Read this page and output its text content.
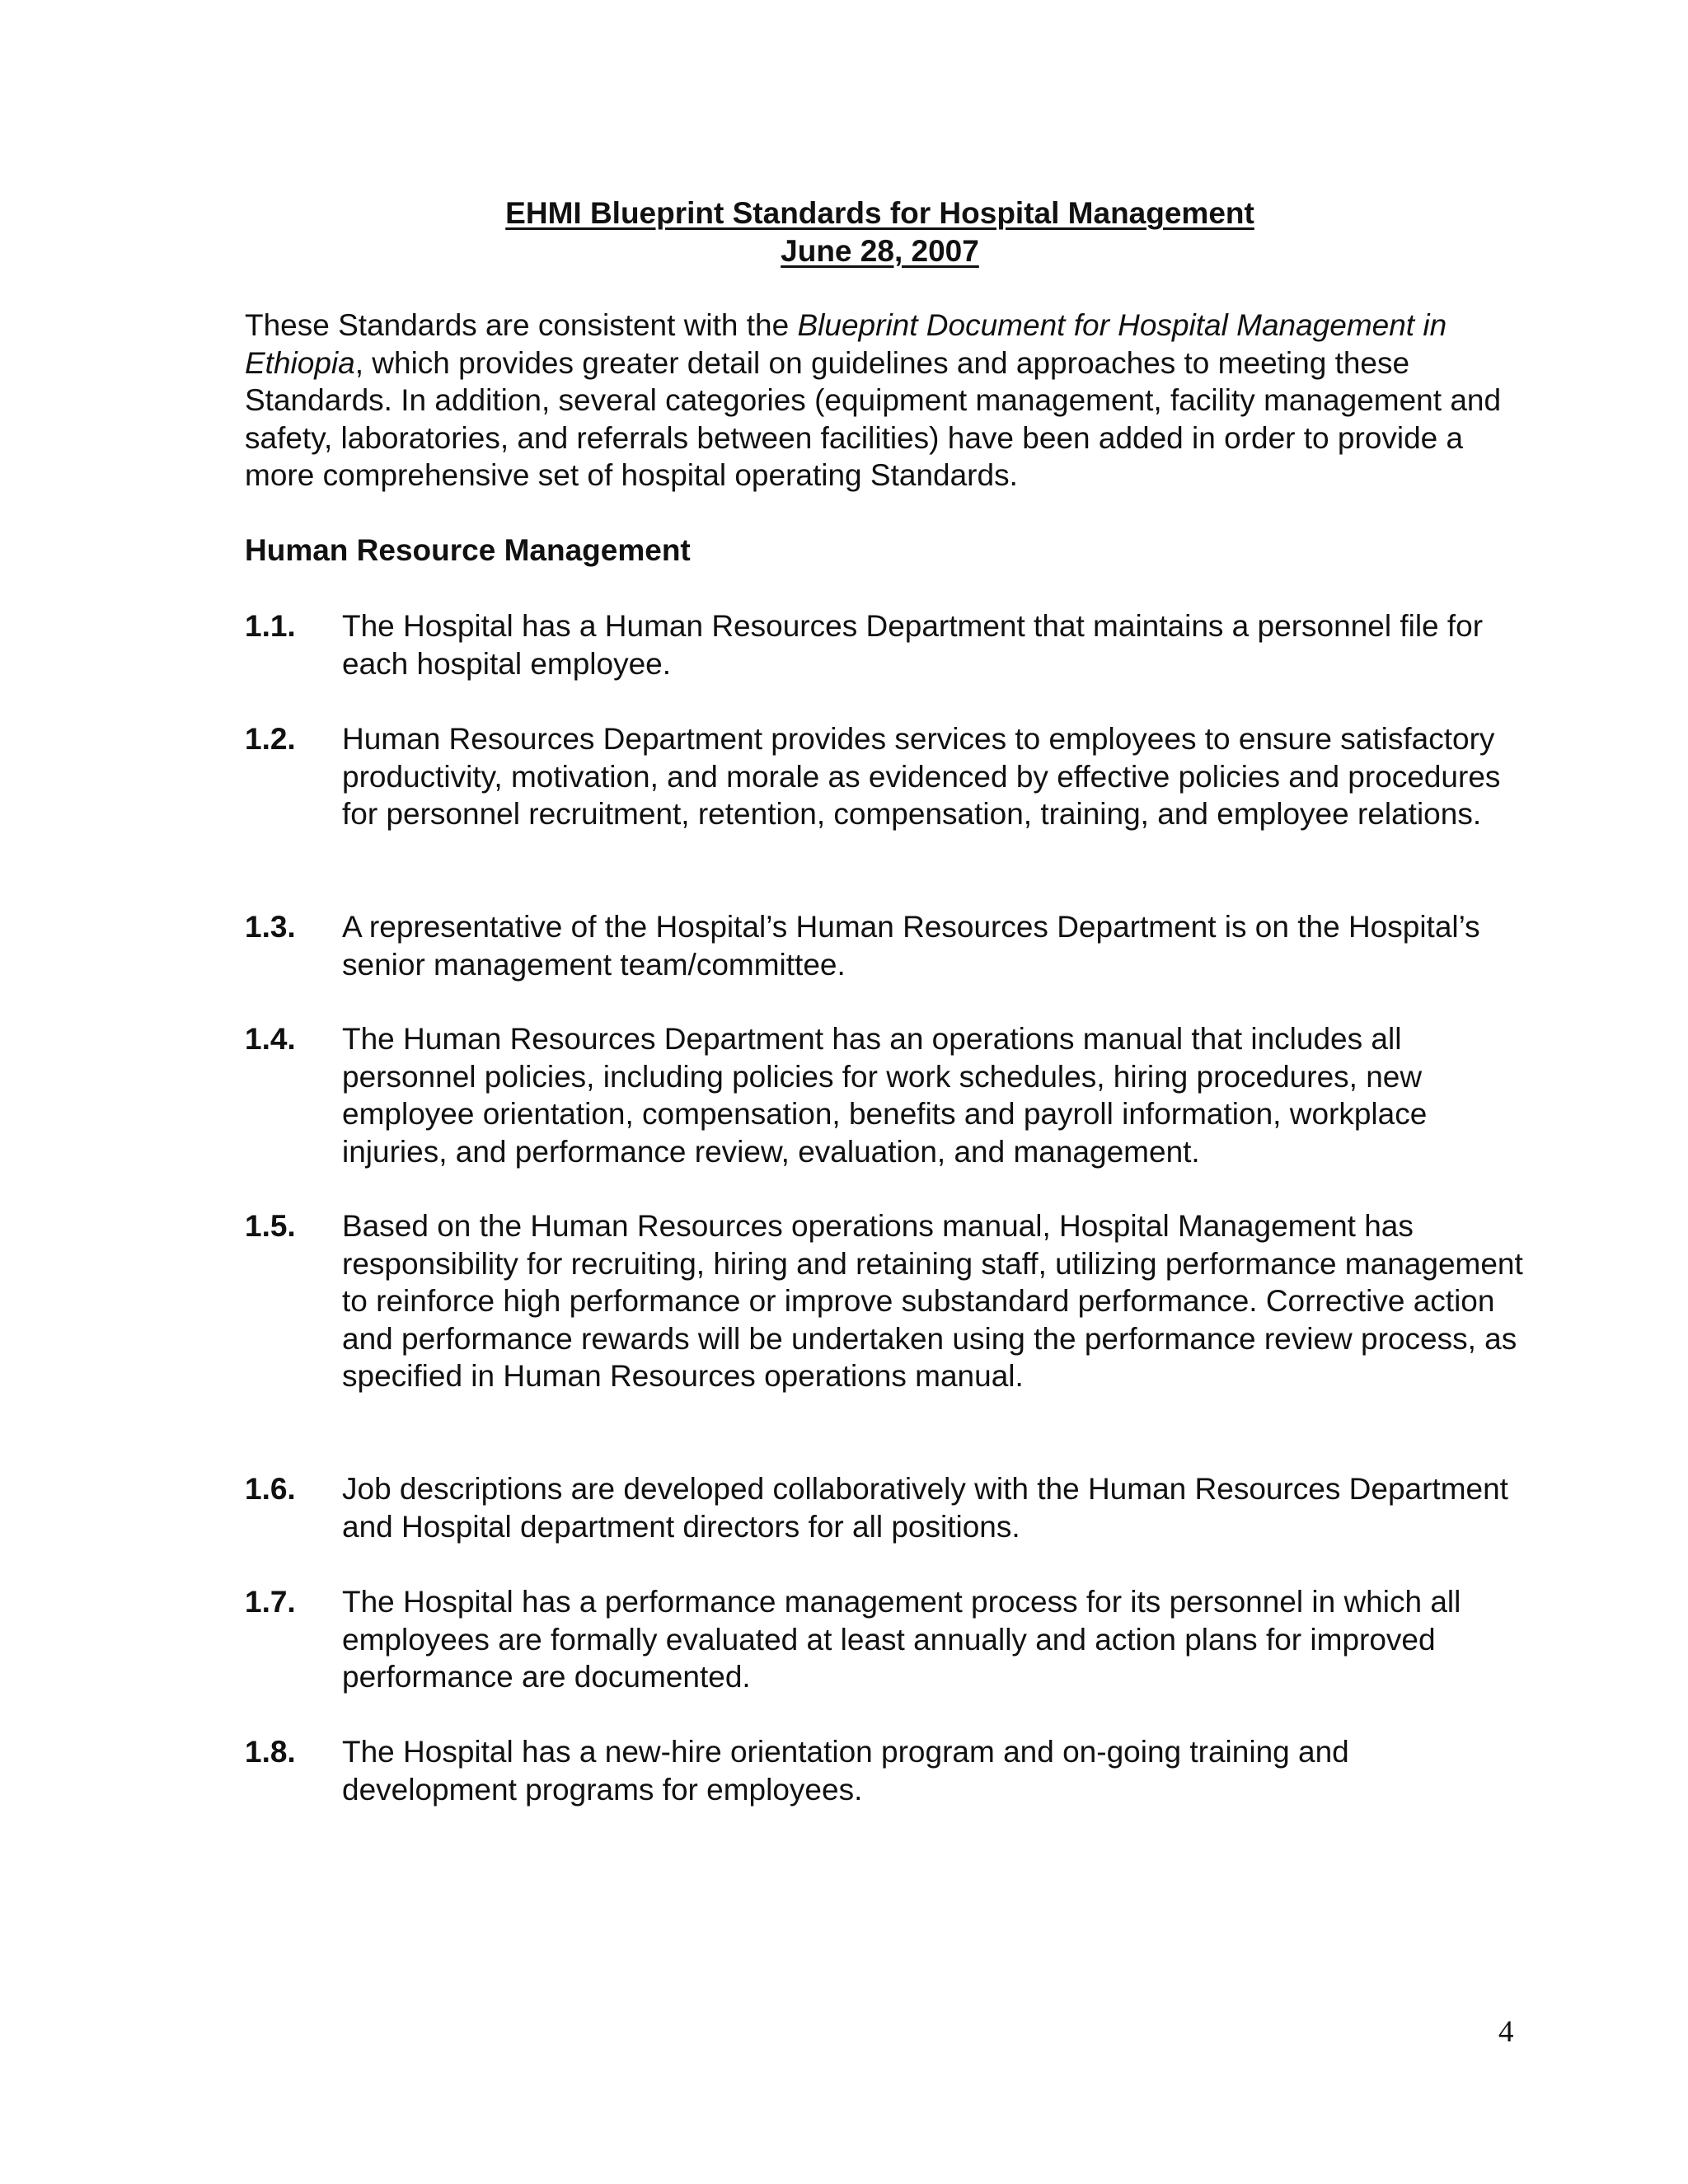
EHMI Blueprint Standards for Hospital Management
June 28, 2007

These Standards are consistent with the Blueprint Document for Hospital Management in Ethiopia, which provides greater detail on guidelines and approaches to meeting these Standards. In addition, several categories (equipment management, facility management and safety, laboratories, and referrals between facilities) have been added in order to provide a more comprehensive set of hospital operating Standards.

Human Resource Management
1.1. The Hospital has a Human Resources Department that maintains a personnel file for each hospital employee.
1.2. Human Resources Department provides services to employees to ensure satisfactory productivity, motivation, and morale as evidenced by effective policies and procedures for personnel recruitment, retention, compensation, training, and employee relations.
1.3. A representative of the Hospital’s Human Resources Department is on the Hospital’s senior management team/committee.
1.4. The Human Resources Department has an operations manual that includes all personnel policies, including policies for work schedules, hiring procedures, new employee orientation, compensation, benefits and payroll information, workplace injuries, and performance review, evaluation, and management.
1.5. Based on the Human Resources operations manual, Hospital Management has responsibility for recruiting, hiring and retaining staff, utilizing performance management to reinforce high performance or improve substandard performance. Corrective action and performance rewards will be undertaken using the performance review process, as specified in Human Resources operations manual.
1.6. Job descriptions are developed collaboratively with the Human Resources Department and Hospital department directors for all positions.
1.7. The Hospital has a performance management process for its personnel in which all employees are formally evaluated at least annually and action plans for improved performance are documented.
1.8. The Hospital has a new-hire orientation program and on-going training and development programs for employees.
4
